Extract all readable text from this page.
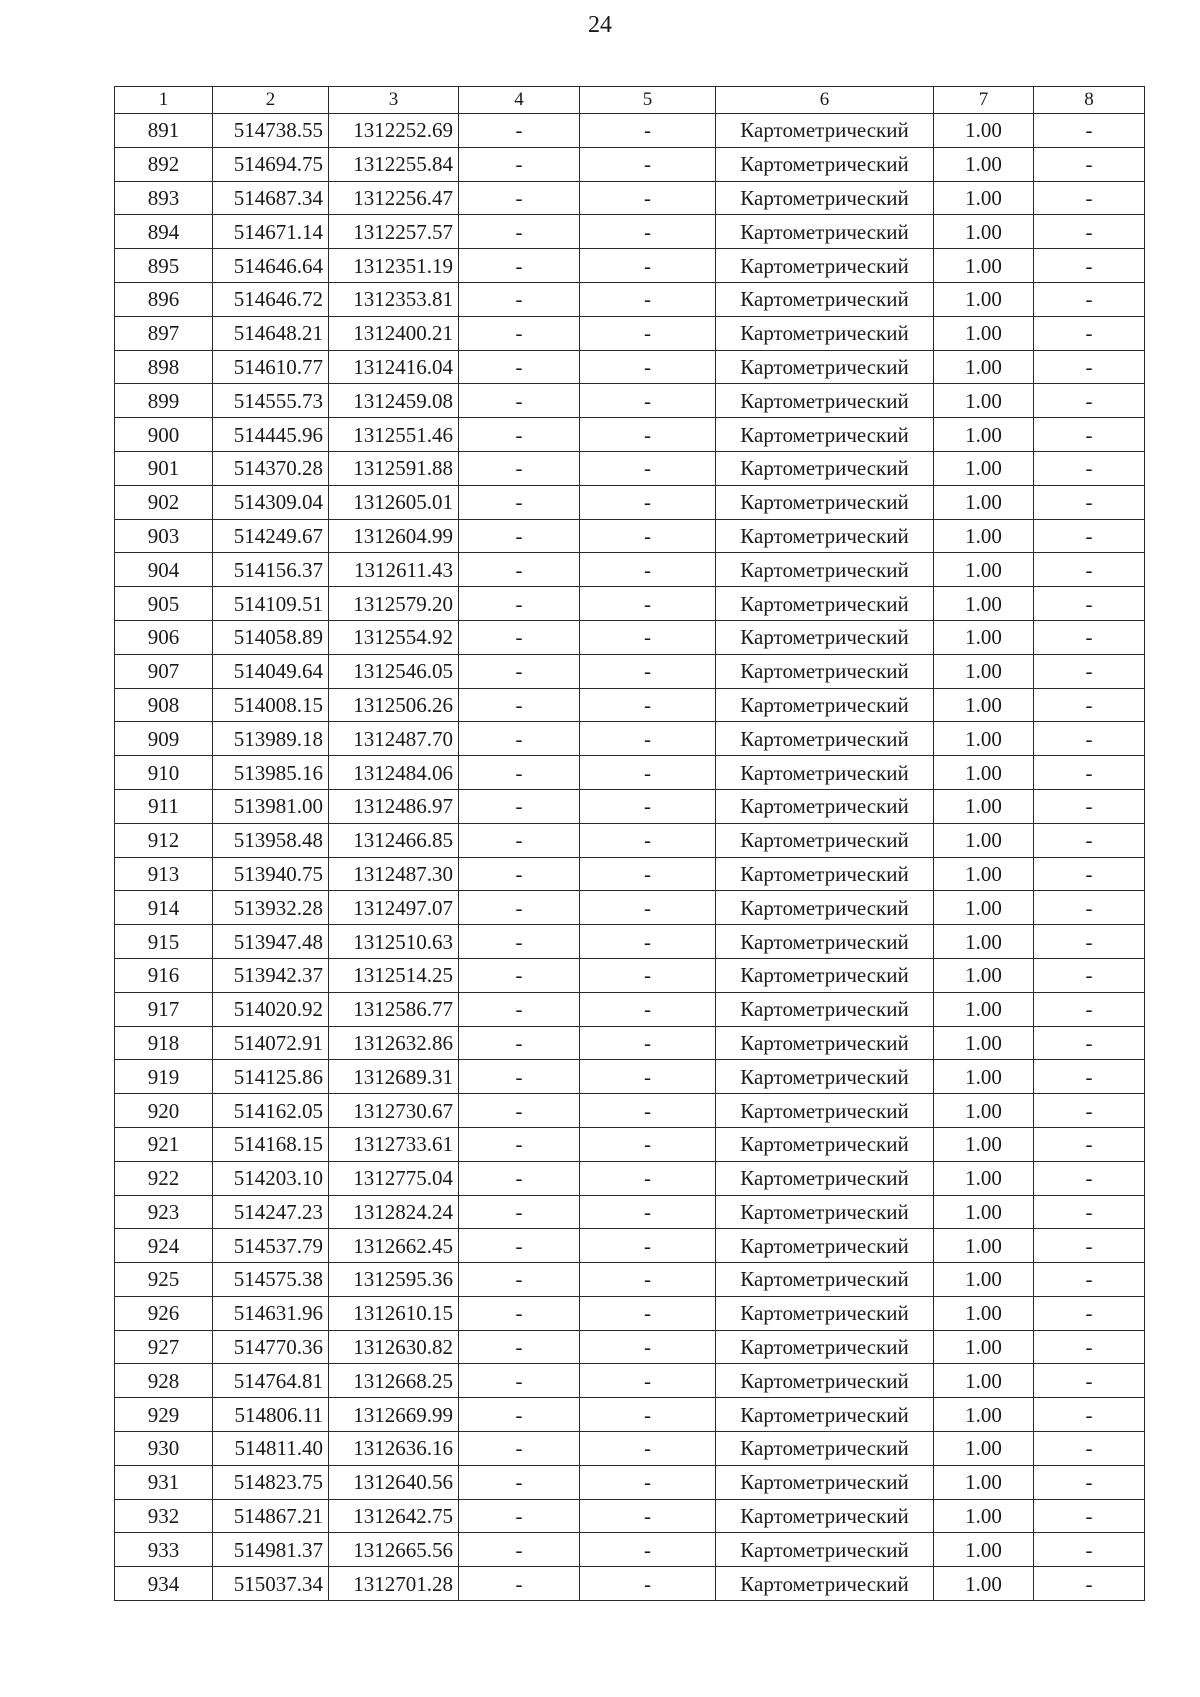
24
1	2	3	4	5	6	7	8
891	514738.55	1312252.69	-	-	Картометрический	1.00	-
892	514694.75	1312255.84	-	-	Картометрический	1.00	-
893	514687.34	1312256.47	-	-	Картометрический	1.00	-
894	514671.14	1312257.57	-	-	Картометрический	1.00	-
895	514646.64	1312351.19	-	-	Картометрический	1.00	-
896	514646.72	1312353.81	-	-	Картометрический	1.00	-
897	514648.21	1312400.21	-	-	Картометрический	1.00	-
898	514610.77	1312416.04	-	-	Картометрический	1.00	-
899	514555.73	1312459.08	-	-	Картометрический	1.00	-
900	514445.96	1312551.46	-	-	Картометрический	1.00	-
901	514370.28	1312591.88	-	-	Картометрический	1.00	-
902	514309.04	1312605.01	-	-	Картометрический	1.00	-
903	514249.67	1312604.99	-	-	Картометрический	1.00	-
904	514156.37	1312611.43	-	-	Картометрический	1.00	-
905	514109.51	1312579.20	-	-	Картометрический	1.00	-
906	514058.89	1312554.92	-	-	Картометрический	1.00	-
907	514049.64	1312546.05	-	-	Картометрический	1.00	-
908	514008.15	1312506.26	-	-	Картометрический	1.00	-
909	513989.18	1312487.70	-	-	Картометрический	1.00	-
910	513985.16	1312484.06	-	-	Картометрический	1.00	-
911	513981.00	1312486.97	-	-	Картометрический	1.00	-
912	513958.48	1312466.85	-	-	Картометрический	1.00	-
913	513940.75	1312487.30	-	-	Картометрический	1.00	-
914	513932.28	1312497.07	-	-	Картометрический	1.00	-
915	513947.48	1312510.63	-	-	Картометрический	1.00	-
916	513942.37	1312514.25	-	-	Картометрический	1.00	-
917	514020.92	1312586.77	-	-	Картометрический	1.00	-
918	514072.91	1312632.86	-	-	Картометрический	1.00	-
919	514125.86	1312689.31	-	-	Картометрический	1.00	-
920	514162.05	1312730.67	-	-	Картометрический	1.00	-
921	514168.15	1312733.61	-	-	Картометрический	1.00	-
922	514203.10	1312775.04	-	-	Картометрический	1.00	-
923	514247.23	1312824.24	-	-	Картометрический	1.00	-
924	514537.79	1312662.45	-	-	Картометрический	1.00	-
925	514575.38	1312595.36	-	-	Картометрический	1.00	-
926	514631.96	1312610.15	-	-	Картометрический	1.00	-
927	514770.36	1312630.82	-	-	Картометрический	1.00	-
928	514764.81	1312668.25	-	-	Картометрический	1.00	-
929	514806.11	1312669.99	-	-	Картометрический	1.00	-
930	514811.40	1312636.16	-	-	Картометрический	1.00	-
931	514823.75	1312640.56	-	-	Картометрический	1.00	-
932	514867.21	1312642.75	-	-	Картометрический	1.00	-
933	514981.37	1312665.56	-	-	Картометрический	1.00	-
934	515037.34	1312701.28	-	-	Картометрический	1.00	-
